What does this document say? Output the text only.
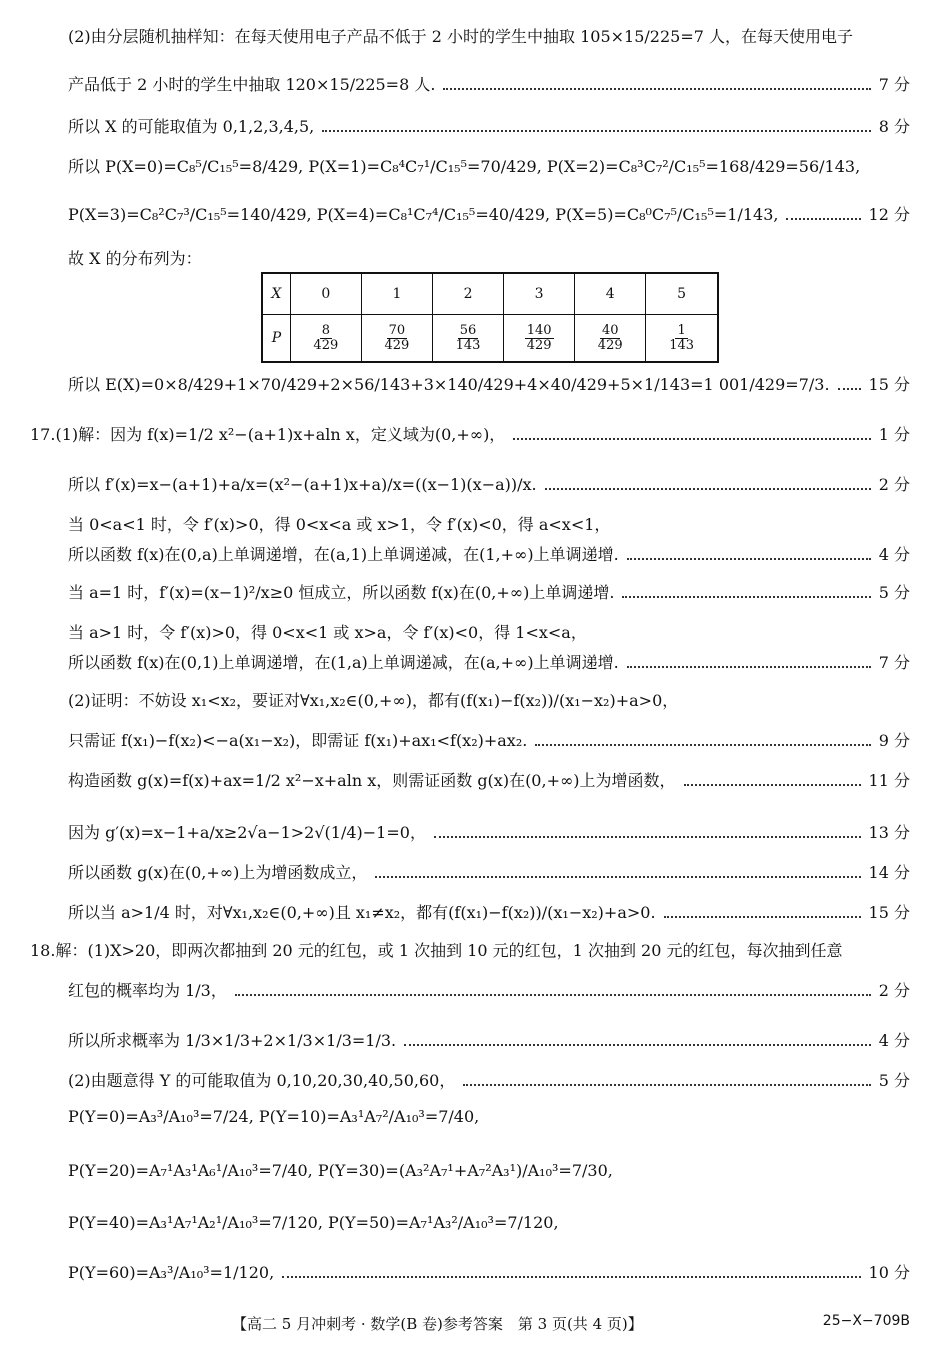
(2)由分层随机抽样知：在每天使用电子产品不低于 2 小时的学生中抽取 105×15/225=7 人，在每天使用电子
产品低于 2 小时的学生中抽取 120×15/225=8 人.	7 分
所以 X 的可能取值为 0,1,2,3,4,5,	8 分
所以 P(X=0)=C₈⁵/C₁₅⁵=8/429, P(X=1)=C₈⁴C₇¹/C₁₅⁵=70/429, P(X=2)=C₈³C₇²/C₁₅⁵=168/429=56/143,
P(X=3)=C₈²C₇³/C₁₅⁵=140/429, P(X=4)=C₈¹C₇⁴/C₁₅⁵=40/429, P(X=5)=C₈⁰C₇⁵/C₁₅⁵=1/143,	12 分
故 X 的分布列为：
X	0	1	2	3	4	5
P	$\frac{8}{429}$	$\frac{70}{429}$	$\frac{56}{143}$	$\frac{140}{429}$	$\frac{40}{429}$	$\frac{1}{143}$
所以 E(X)=0×8/429+1×70/429+2×56/143+3×140/429+4×40/429+5×1/143=1 001/429=7/3. 15 分
17.(1)解：因为 f(x)=1/2 x²−(a+1)x+aln x，定义域为(0,+∞)，	1 分
所以 f′(x)=x−(a+1)+a/x=(x²−(a+1)x+a)/x=((x−1)(x−a))/x.	2 分
当 0<a<1 时，令 f′(x)>0，得 0<x<a 或 x>1，令 f′(x)<0，得 a<x<1，
所以函数 f(x)在(0,a)上单调递增，在(a,1)上单调递减，在(1,+∞)上单调递增.	4 分
当 a=1 时，f′(x)=(x−1)²/x≥0 恒成立，所以函数 f(x)在(0,+∞)上单调递增.	5 分
当 a>1 时，令 f′(x)>0，得 0<x<1 或 x>a，令 f′(x)<0，得 1<x<a，
所以函数 f(x)在(0,1)上单调递增，在(1,a)上单调递减，在(a,+∞)上单调递增.	7 分
(2)证明：不妨设 x₁<x₂，要证对∀x₁,x₂∈(0,+∞)，都有(f(x₁)−f(x₂))/(x₁−x₂)+a>0，
只需证 f(x₁)−f(x₂)<−a(x₁−x₂)，即需证 f(x₁)+ax₁<f(x₂)+ax₂.	9 分
构造函数 g(x)=f(x)+ax=1/2 x²−x+aln x，则需证函数 g(x)在(0,+∞)上为增函数，	11 分
因为 g′(x)=x−1+a/x≥2√a−1>2√(1/4)−1=0，	13 分
所以函数 g(x)在(0,+∞)上为增函数成立，	14 分
所以当 a>1/4 时，对∀x₁,x₂∈(0,+∞)且 x₁≠x₂，都有(f(x₁)−f(x₂))/(x₁−x₂)+a>0.	15 分
18.解：(1)X>20，即两次都抽到 20 元的红包，或 1 次抽到 10 元的红包，1 次抽到 20 元的红包，每次抽到任意
红包的概率均为 1/3，	2 分
所以所求概率为 1/3×1/3+2×1/3×1/3=1/3.	4 分
(2)由题意得 Y 的可能取值为 0,10,20,30,40,50,60，	5 分
P(Y=0)=A₃³/A₁₀³=7/24, P(Y=10)=A₃¹A₇²/A₁₀³=7/40,
P(Y=20)=A₇¹A₃¹A₆¹/A₁₀³=7/40, P(Y=30)=(A₃²A₇¹+A₇²A₃¹)/A₁₀³=7/30,
P(Y=40)=A₃¹A₇¹A₂¹/A₁₀³=7/120, P(Y=50)=A₇¹A₃²/A₁₀³=7/120,
P(Y=60)=A₃³/A₁₀³=1/120,	10 分
【高二 5 月冲刺考 · 数学(B 卷)参考答案　第 3 页(共 4 页)】	25−X−709B
